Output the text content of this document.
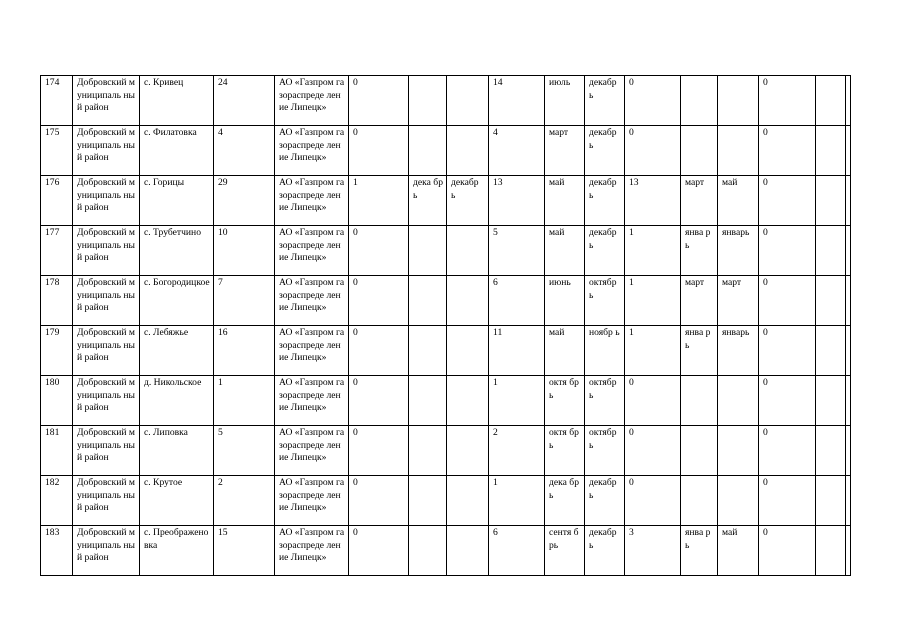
174	Добровский муниципаль ный район	с. Кривец	24	АО «Газпром газораспреде ление Липецк»	0			14	июль	декабр ь	0			0		
175	Добровский муниципаль ный район	с. Филатовка	4	АО «Газпром газораспреде ление Липецк»	0			4	март	декабр ь	0			0		
176	Добровский муниципаль ный район	с. Горицы	29	АО «Газпром газораспреде ление Липецк»	1	дека брь	декабр ь	13	май	декабр ь	13	март	май	0		
177	Добровский муниципаль ный район	с. Трубетчино	10	АО «Газпром газораспреде ление Липецк»	0			5	май	декабр ь	1	янва рь	январь	0		
178	Добровский муниципаль ный район	с. Богородицкое	7	АО «Газпром газораспреде ление Липецк»	0			6	июнь	октябр ь	1	март	март	0		
179	Добровский муниципаль ный район	с. Лебяжье	16	АО «Газпром газораспреде ление Липецк»	0			11	май	ноябр ь	1	янва рь	январь	0		
180	Добровский муниципаль ный район	д. Никольское	1	АО «Газпром газораспреде ление Липецк»	0			1	октя брь	октябр ь	0			0		
181	Добровский муниципаль ный район	с. Липовка	5	АО «Газпром газораспреде ление Липецк»	0			2	октя брь	октябр ь	0			0		
182	Добровский муниципаль ный район	с. Крутое	2	АО «Газпром газораспреде ление Липецк»	0			1	дека брь	декабр ь	0			0		
183	Добровский муниципаль ный район	с. Преображено вка	15	АО «Газпром газораспреде ление Липецк»	0			6	сентя брь	декабр ь	3	янва рь	май	0		
